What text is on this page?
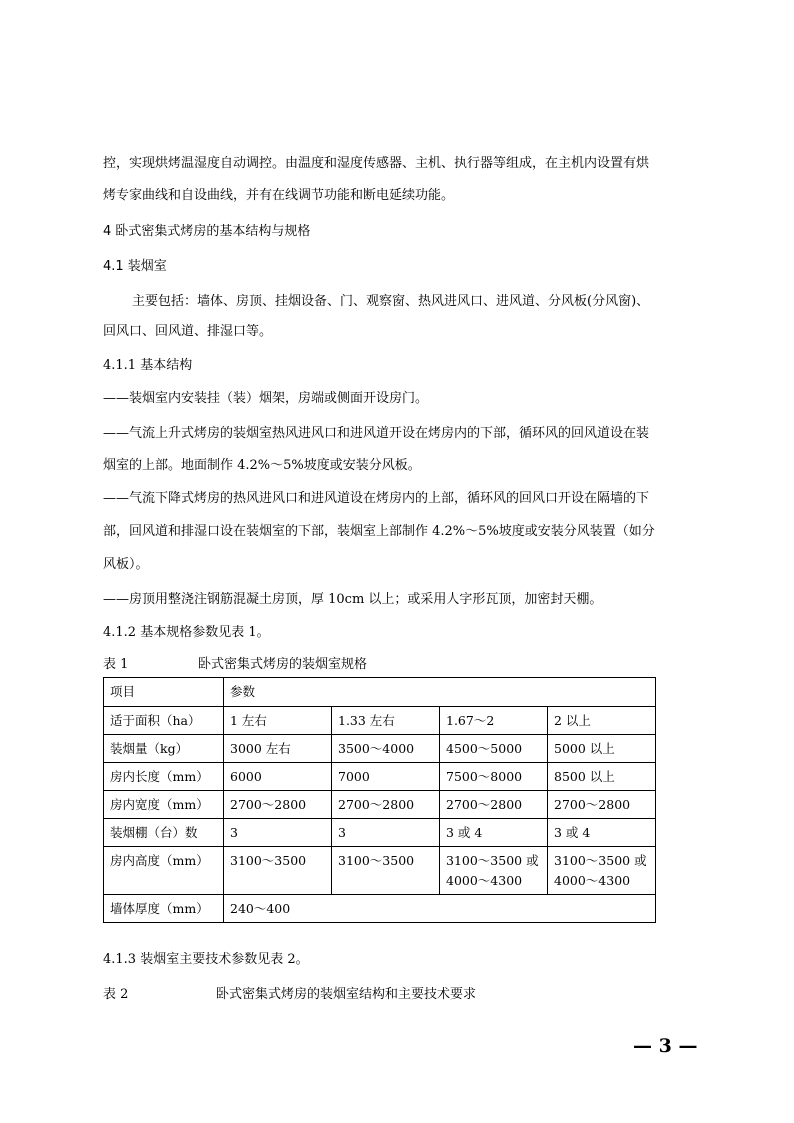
控，实现烘烤温湿度自动调控。由温度和湿度传感器、主机、执行器等组成，在主机内设置有烘
烤专家曲线和自设曲线，并有在线调节功能和断电延续功能。
4 卧式密集式烤房的基本结构与规格
4.1 装烟室
主要包括：墙体、房顶、挂烟设备、门、观察窗、热风进风口、进风道、分风板(分风窗)、
回风口、回风道、排湿口等。
4.1.1 基本结构
——装烟室内安装挂（装）烟架，房端或侧面开设房门。
——气流上升式烤房的装烟室热风进风口和进风道开设在烤房内的下部，循环风的回风道设在装
烟室的上部。地面制作 4.2%～5%坡度或安装分风板。
——气流下降式烤房的热风进风口和进风道设在烤房内的上部，循环风的回风口开设在隔墙的下
部，回风道和排湿口设在装烟室的下部，装烟室上部制作 4.2%～5%坡度或安装分风装置（如分
风板）。
——房顶用整浇注钢筋混凝土房顶，厚 10cm 以上；或采用人字形瓦顶，加密封天棚。
4.1.2 基本规格参数见表 1。
表 1	卧式密集式烤房的装烟室规格
项目	参数			
适于面积（ha）	1 左右	1.33 左右	1.67～2	2 以上
装烟量（kg）	3000 左右	3500～4000	4500～5000	5000 以上
房内长度（mm）	6000	7000	7500～8000	8500 以上
房内宽度（mm）	2700～2800	2700～2800	2700～2800	2700～2800
装烟棚（台）数	3	3	3 或 4	3 或 4
房内高度（mm）	3100～3500	3100～3500	3100～3500 或 4000～4300	3100～3500 或 4000～4300
墙体厚度（mm）	240～400			
4.1.3 装烟室主要技术参数见表 2。
表 2	卧式密集式烤房的装烟室结构和主要技术要求
— 3 —
